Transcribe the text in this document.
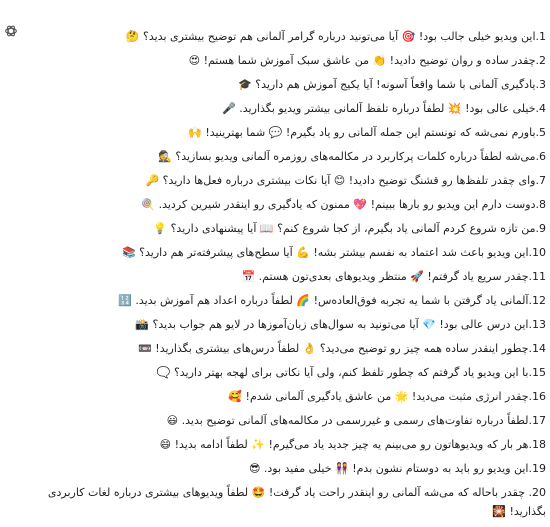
1.
این ویدیو خیلی جالب بود! 🎯 آیا می‌تونید درباره گرامر آلمانی هم توضیح بیشتری بدید؟ 🤔
2.
چقدر ساده و روان توضیح دادید! 👏 من عاشق سبک آموزش شما هستم! 😍
3.
یادگیری آلمانی با شما واقعاً آسونه! آیا یکیج آموزش هم دارید؟ 🎓
4.
خیلی عالی بود! 💥 لطفاً درباره تلفظ آلمانی بیشتر ویدیو بگذارید. 🎤
5.
باورم نمی‌شه که تونستم این جمله آلمانی رو یاد بگیرم! 💬 شما بهترینید! 🙌
6.
می‌شه لطفاً درباره کلمات پرکاربرد در مکالمه‌های روزمره آلمانی ویدیو بسازید؟ 🕵️
7.
وای چقدر تلفظ‌ها رو قشنگ توضیح دادید! 😊 آیا نکات بیشتری درباره فعل‌ها دارید؟ 🔑
8.
دوست دارم این ویدیو رو بارها ببینم! 💖 ممنون که یادگیری رو اینقدر شیرین کردید. 🍭
9.
من تازه شروع کردم آلمانی یاد بگیرم، از کجا شروع کنم؟ 📖 آیا پیشنهادی دارید؟ 💡
10.
این ویدیو باعث شد اعتماد به نفسم بیشتر بشه! 💪 آیا سطح‌های پیشرفته‌تر هم دارید؟ 📚
11.
چقدر سریع یاد گرفتم! 🚀 منتظر ویدیوهای بعدی‌تون هستم. 📅
12.
آلمانی یاد گرفتن با شما یه تجربه فوق‌العاده‌س! 🌈 لطفاً درباره اعداد هم آموزش بدید. 🔢
13.
این درس عالی بود! 💎 آیا می‌تونید به سوال‌های زبان‌آموزها در لایو هم جواب بدید؟ 📸
14.
چطور اینقدر ساده همه چیز رو توضیح می‌دید؟ 👌 لطفاً درس‌های بیشتری بگذارید! 📼
15.
با این ویدیو یاد گرفتم که چطور تلفظ کنم، ولی آیا نکاتی برای لهجه بهتر دارید؟ 🗨️
16.
چقدر انرژی مثبت می‌دید! 🌟 من عاشق یادگیری آلمانی شدم! 🥰
17.
لطفاً درباره تفاوت‌های رسمی و غیررسمی در مکالمه‌های آلمانی توضیح بدید. 😃
18.
هر بار که ویدیوهاتون رو می‌بینم یه چیز جدید یاد می‌گیرم! ✨ لطفاً ادامه بدید! 😄
19.
این ویدیو رو باید به دوستام نشون بدم! 👭 خیلی مفید بود. 😎
20. چقدر باحاله که می‌شه آلمانی رو اینقدر راحت یاد گرفت! 🤩 لطفاً ویدیوهای بیشتری درباره لغات کاربردی بگذارید! 🎇
